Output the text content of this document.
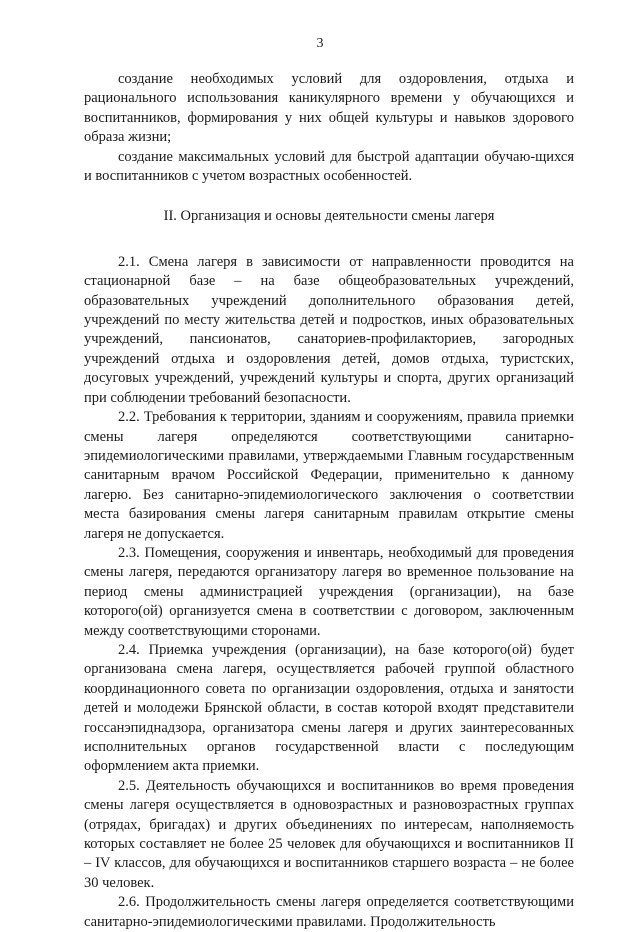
3

создание необходимых условий для оздоровления, отдыха и рационального использования каникулярного времени у обучающихся и воспитанников, формирования у них общей культуры и навыков здорового образа жизни;

создание максимальных условий для быстрой адаптации обучаю-щихся и воспитанников с учетом возрастных особенностей.

II. Организация и основы деятельности смены лагеря

2.1. Смена лагеря в зависимости от направленности проводится на стационарной базе – на базе общеобразовательных учреждений, образовательных учреждений дополнительного образования детей, учреждений по месту жительства детей и подростков, иных образовательных учреждений, пансионатов, санаториев-профилакториев, загородных учреждений отдыха и оздоровления детей, домов отдыха, туристских, досуговых учреждений, учреждений культуры и спорта, других организаций при соблюдении требований безопасности.

2.2. Требования к территории, зданиям и сооружениям, правила приемки смены лагеря определяются соответствующими санитарно-эпидемиологическими правилами, утверждаемыми Главным государственным санитарным врачом Российской Федерации, применительно к данному лагерю. Без санитарно-эпидемиологического заключения о соответствии места базирования смены лагеря санитарным правилам открытие смены лагеря не допускается.

2.3. Помещения, сооружения и инвентарь, необходимый для проведения смены лагеря, передаются организатору лагеря во временное пользование на период смены администрацией учреждения (организации), на базе которого(ой) организуется смена в соответствии с договором, заключенным между соответствующими сторонами.

2.4. Приемка учреждения (организации), на базе которого(ой) будет организована смена лагеря, осуществляется рабочей группой областного координационного совета по организации оздоровления, отдыха и занятости детей и молодежи Брянской области, в состав которой входят представители госсанэпиднадзора, организатора смены лагеря и других заинтересованных исполнительных органов государственной власти с последующим оформлением акта приемки.

2.5. Деятельность обучающихся и воспитанников во время проведения смены лагеря осуществляется в одновозрастных и разновозрастных группах (отрядах, бригадах) и других объединениях по интересам, наполняемость которых составляет не более 25 человек для обучающихся и воспитанников II – IV классов, для обучающихся и воспитанников старшего возраста – не более 30 человек.

2.6. Продолжительность смены лагеря определяется соответствующими санитарно-эпидемиологическими правилами. Продолжительность
